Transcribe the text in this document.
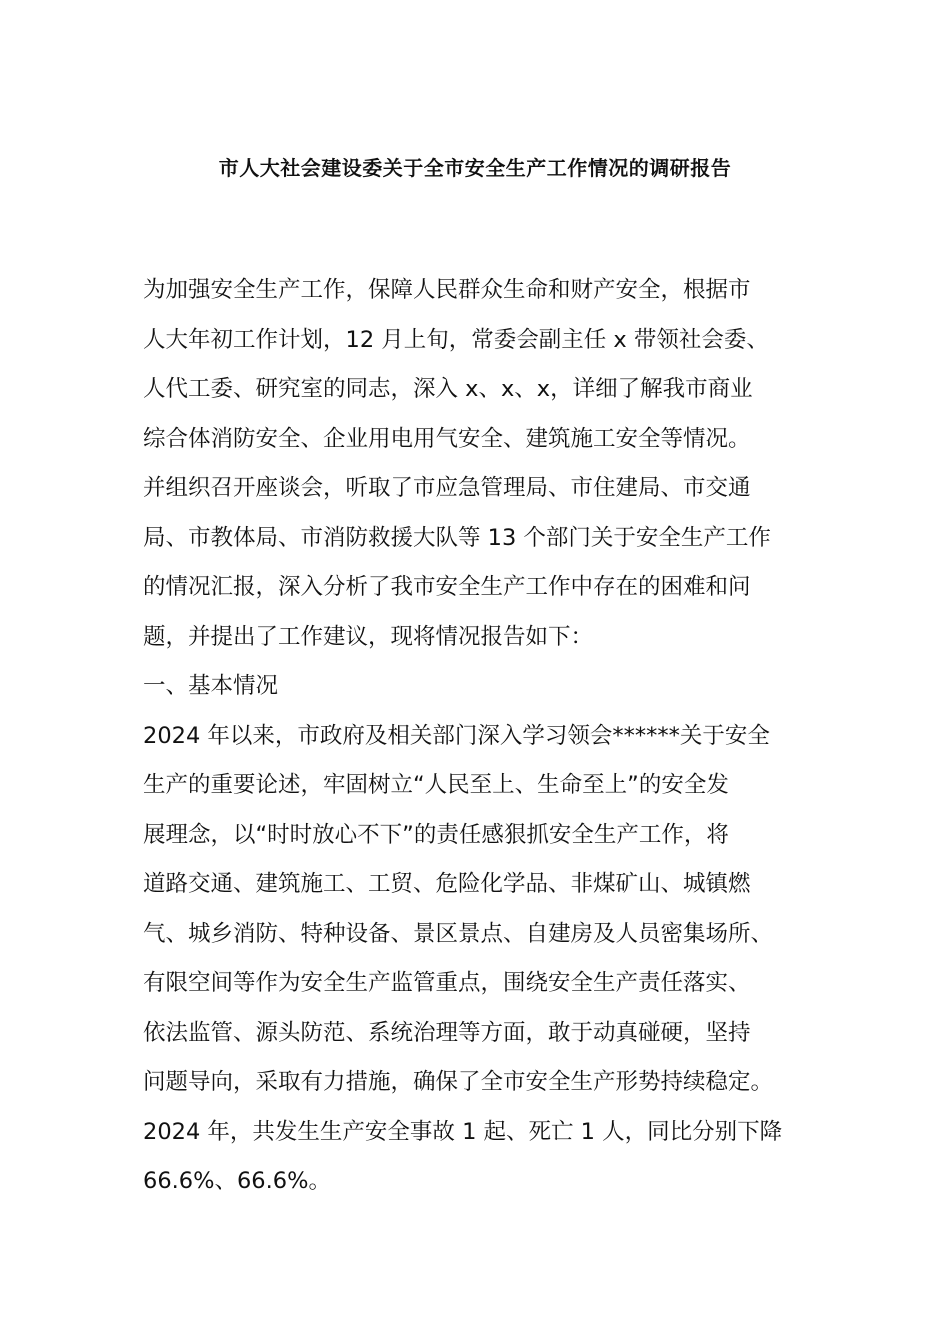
市人大社会建设委关于全市安全生产工作情况的调研报告
为加强安全生产工作，保障人民群众生命和财产安全，根据市
人大年初工作计划，12 月上旬，常委会副主任 x 带领社会委、
人代工委、研究室的同志，深入 x、x、x，详细了解我市商业
综合体消防安全、企业用电用气安全、建筑施工安全等情况。
并组织召开座谈会，听取了市应急管理局、市住建局、市交通
局、市教体局、市消防救援大队等 13 个部门关于安全生产工作
的情况汇报，深入分析了我市安全生产工作中存在的困难和问
题，并提出了工作建议，现将情况报告如下：
一、基本情况
2024 年以来，市政府及相关部门深入学习领会******关于安全
生产的重要论述，牢固树立“人民至上、生命至上”的安全发
展理念，以“时时放心不下”的责任感狠抓安全生产工作，将
道路交通、建筑施工、工贸、危险化学品、非煤矿山、城镇燃
气、城乡消防、特种设备、景区景点、自建房及人员密集场所、
有限空间等作为安全生产监管重点，围绕安全生产责任落实、
依法监管、源头防范、系统治理等方面，敢于动真碰硬，坚持
问题导向，采取有力措施，确保了全市安全生产形势持续稳定。
2024 年，共发生生产安全事故 1 起、死亡 1 人，同比分别下降
66.6%、66.6%。
